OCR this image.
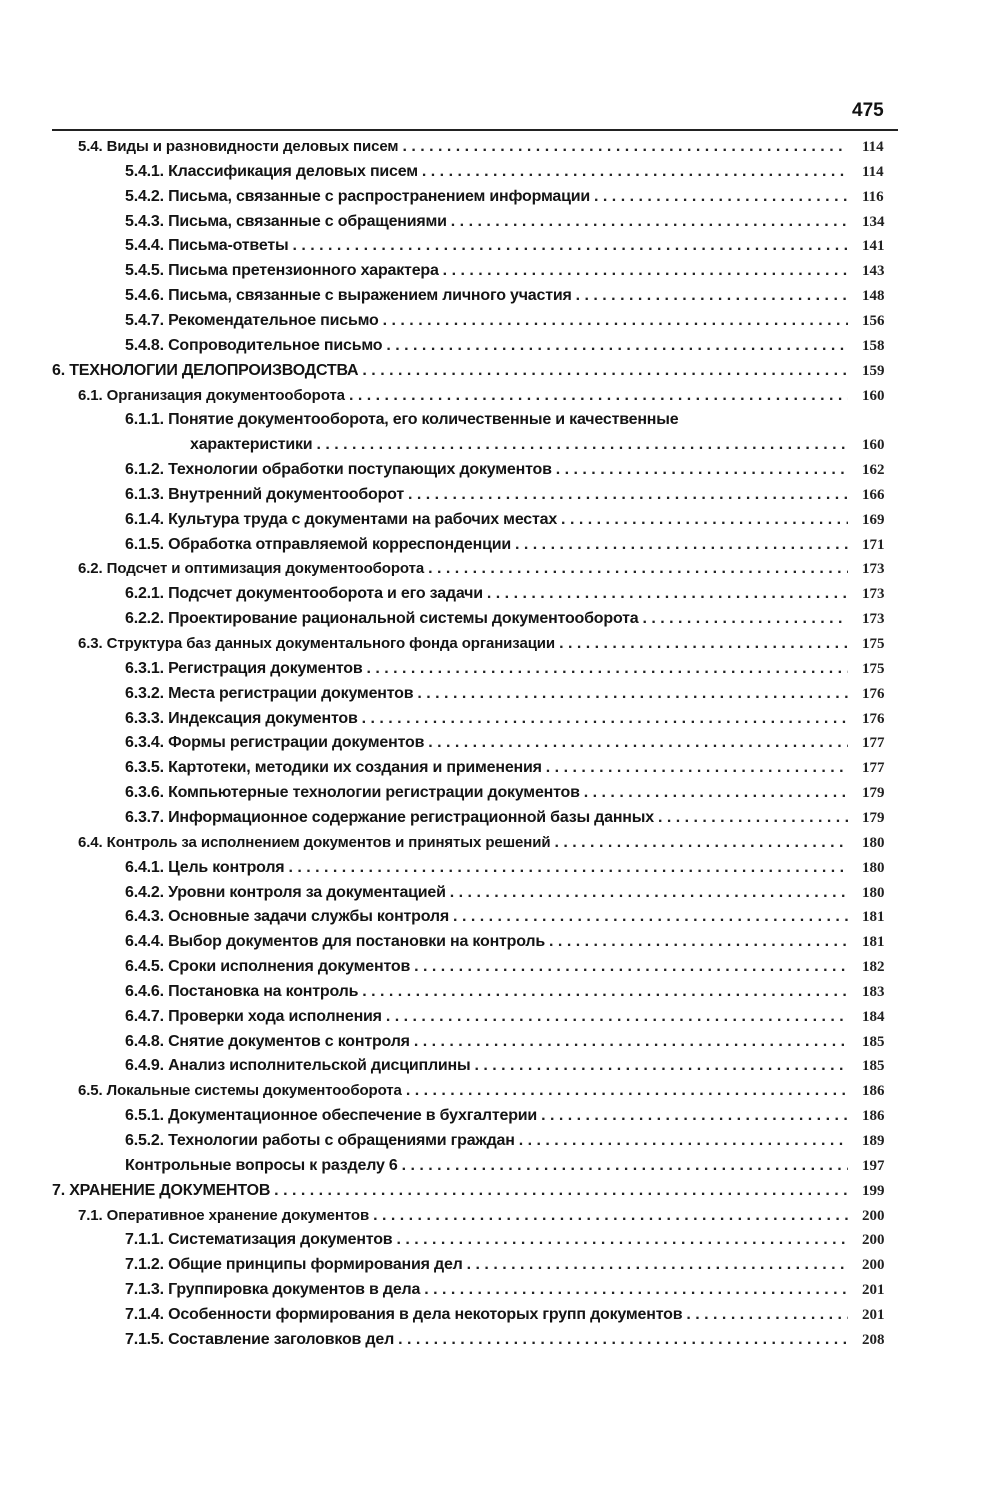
475
5.4. Виды и разновидности деловых писем . . .	114
5.4.1. Классификация деловых писем . . .	114
5.4.2. Письма, связанные с распространением информации . . .	116
5.4.3. Письма, связанные с обращениями . . .	134
5.4.4. Письма-ответы . . .	141
5.4.5. Письма претензионного характера . . .	143
5.4.6. Письма, связанные с выражением личного участия . . .	148
5.4.7. Рекомендательное письмо . . .	156
5.4.8. Сопроводительное письмо . . .	158
6. ТЕХНОЛОГИИ ДЕЛОПРОИЗВОДСТВА . . .	159
6.1. Организация документооборота . . .	160
6.1.1. Понятие документооборота, его количественные и качественные
характеристики . . .	160
6.1.2. Технологии обработки поступающих документов . . .	162
6.1.3. Внутренний документооборот . . .	166
6.1.4. Культура труда с документами на рабочих местах . . .	169
6.1.5. Обработка отправляемой корреспонденции . . .	171
6.2. Подсчет и оптимизация документооборота . . .	173
6.2.1. Подсчет документооборота и его задачи . . .	173
6.2.2. Проектирование рациональной системы документооборота . . .	173
6.3. Структура баз данных документального фонда организации . . .	175
6.3.1. Регистрация документов . . .	175
6.3.2. Места регистрации документов . . .	176
6.3.3. Индексация документов . . .	176
6.3.4. Формы регистрации документов . . .	177
6.3.5. Картотеки, методики их создания и применения . . .	177
6.3.6. Компьютерные технологии регистрации документов . . .	179
6.3.7. Информационное содержание регистрационной базы данных . . .	179
6.4. Контроль за исполнением документов и принятых решений . . .	180
6.4.1. Цель контроля . . .	180
6.4.2. Уровни контроля за документацией . . .	180
6.4.3. Основные задачи службы контроля . . .	181
6.4.4. Выбор документов для постановки на контроль . . .	181
6.4.5. Сроки исполнения документов . . .	182
6.4.6. Постановка на контроль . . .	183
6.4.7. Проверки хода исполнения . . .	184
6.4.8. Снятие документов с контроля . . .	185
6.4.9. Анализ исполнительской дисциплины . . .	185
6.5. Локальные системы документооборота . . .	186
6.5.1. Документационное обеспечение в бухгалтерии . . .	186
6.5.2. Технологии работы с обращениями граждан . . .	189
Контрольные вопросы к разделу 6 . . .	197
7. ХРАНЕНИЕ ДОКУМЕНТОВ . . .	199
7.1. Оперативное хранение документов . . .	200
7.1.1. Систематизация документов . . .	200
7.1.2. Общие принципы формирования дел . . .	200
7.1.3. Группировка документов в дела . . .	201
7.1.4. Особенности формирования в дела некоторых групп документов . . .	201
7.1.5. Составление заголовков дел . . .	208
